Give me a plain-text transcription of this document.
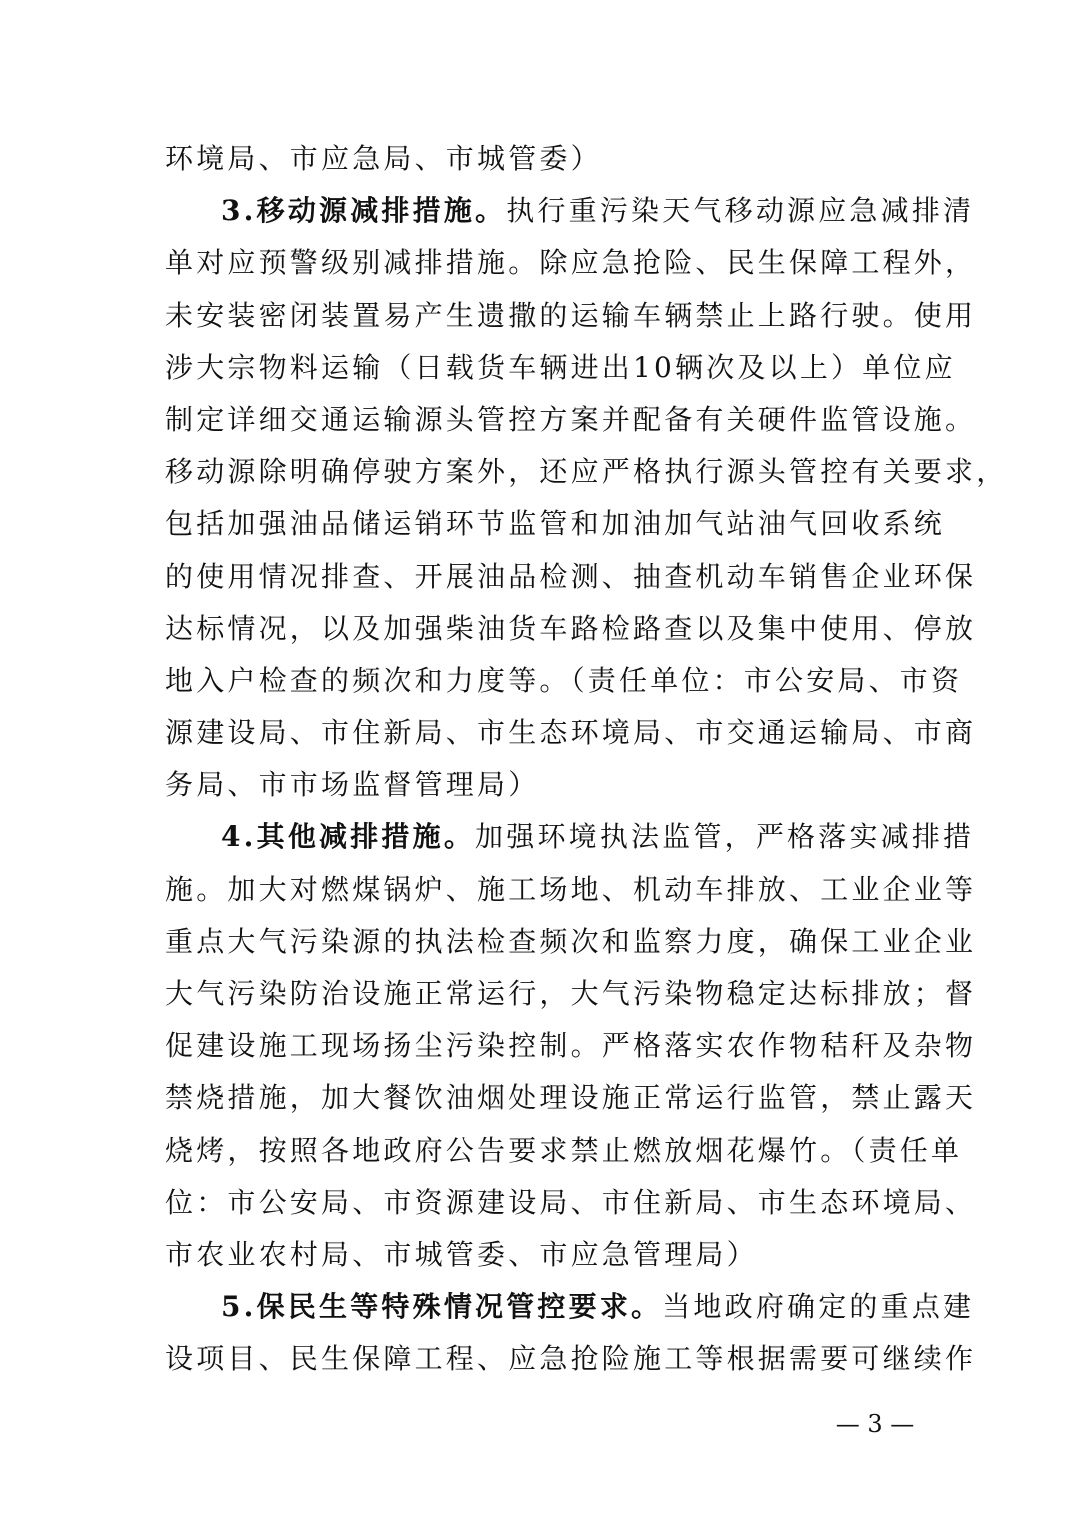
环境局、市应急局、市城管委）
3.移动源减排措施。执行重污染天气移动源应急减排清
单对应预警级别减排措施。除应急抢险、民生保障工程外，
未安装密闭装置易产生遗撒的运输车辆禁止上路行驶。使用
涉大宗物料运输（日载货车辆进出10辆次及以上）单位应
制定详细交通运输源头管控方案并配备有关硬件监管设施。
移动源除明确停驶方案外，还应严格执行源头管控有关要求，
包括加强油品储运销环节监管和加油加气站油气回收系统
的使用情况排查、开展油品检测、抽查机动车销售企业环保
达标情况，以及加强柴油货车路检路查以及集中使用、停放
地入户检查的频次和力度等。（责任单位：市公安局、市资
源建设局、市住新局、市生态环境局、市交通运输局、市商
务局、市市场监督管理局）
4.其他减排措施。加强环境执法监管，严格落实减排措
施。加大对燃煤锅炉、施工场地、机动车排放、工业企业等
重点大气污染源的执法检查频次和监察力度，确保工业企业
大气污染防治设施正常运行，大气污染物稳定达标排放；督
促建设施工现场扬尘污染控制。严格落实农作物秸秆及杂物
禁烧措施，加大餐饮油烟处理设施正常运行监管，禁止露天
烧烤，按照各地政府公告要求禁止燃放烟花爆竹。（责任单
位：市公安局、市资源建设局、市住新局、市生态环境局、
市农业农村局、市城管委、市应急管理局）
5.保民生等特殊情况管控要求。当地政府确定的重点建
设项目、民生保障工程、应急抢险施工等根据需要可继续作
— 3 —
